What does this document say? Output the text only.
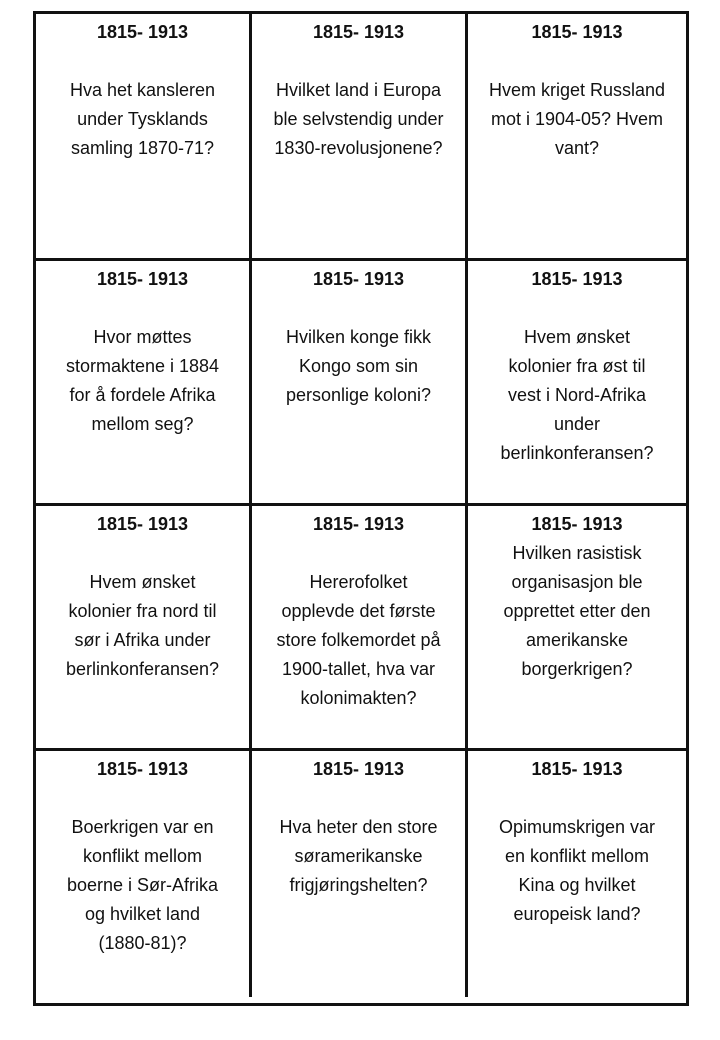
1815- 1913
Hva het kansleren
under Tysklands
samling 1870-71?
1815- 1913
Hvilket land i Europa
ble selvstendig under
1830-revolusjonene?
1815- 1913
Hvem kriget Russland
mot i 1904-05? Hvem
vant?
1815- 1913
Hvor møttes
stormaktene i 1884
for å fordele Afrika
mellom seg?
1815- 1913
Hvilken konge fikk
Kongo som sin
personlige koloni?
1815- 1913
Hvem ønsket
kolonier fra øst til
vest i Nord-Afrika
under
berlinkonferansen?
1815- 1913
Hvem ønsket
kolonier fra nord til
sør i Afrika under
berlinkonferansen?
1815- 1913
Hererofolket
opplevde det første
store folkemordet på
1900-tallet, hva var
kolonimakten?
1815- 1913
Hvilken rasistisk
organisasjon ble
opprettet etter den
amerikanske
borgerkrigen?
1815- 1913
Boerkrigen var en
konflikt mellom
boerne i Sør-Afrika
og hvilket land
(1880-81)?
1815- 1913
Hva heter den store
søramerikanske
frigjøringshelten?
1815- 1913
Opimumskrigen var
en konflikt mellom
Kina og hvilket
europeisk land?
